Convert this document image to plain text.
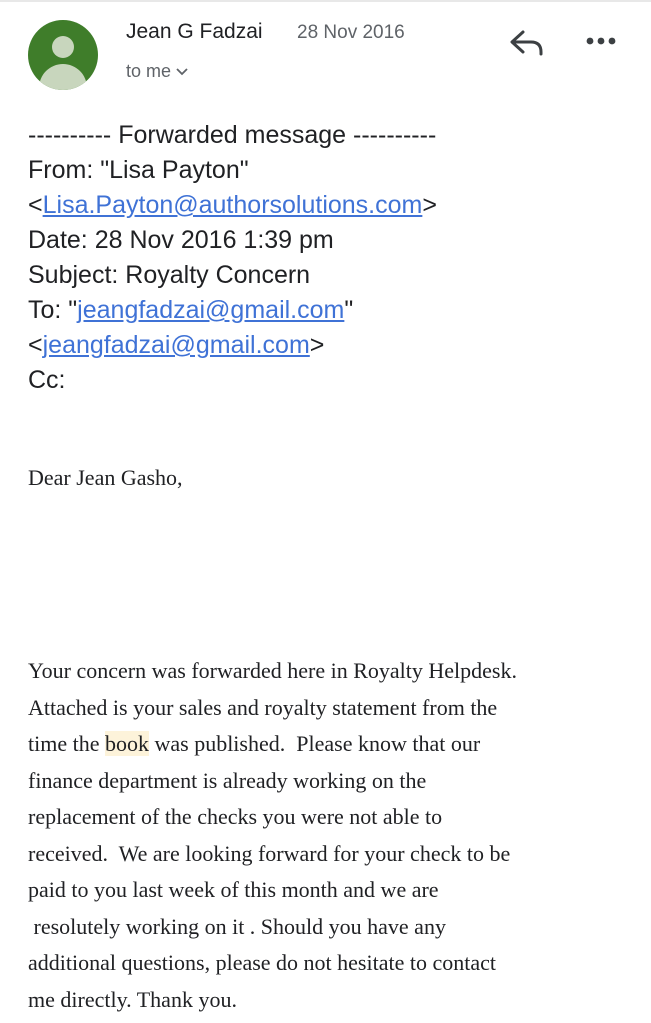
Jean G Fadzai 28 Nov 2016
to me
---------- Forwarded message ----------
From: "Lisa Payton"
<Lisa.Payton@authorsolutions.com>
Date: 28 Nov 2016 1:39 pm
Subject: Royalty Concern
To: "jeangfadzai@gmail.com"
<jeangfadzai@gmail.com>
Cc:
Dear Jean Gasho,
Your concern was forwarded here in Royalty Helpdesk.
Attached is your sales and royalty statement from the
time the book was published.  Please know that our
finance department is already working on the
replacement of the checks you were not able to
received.  We are looking forward for your check to be
paid to you last week of this month and we are
resolutely working on it . Should you have any
additional questions, please do not hesitate to contact
me directly. Thank you.
